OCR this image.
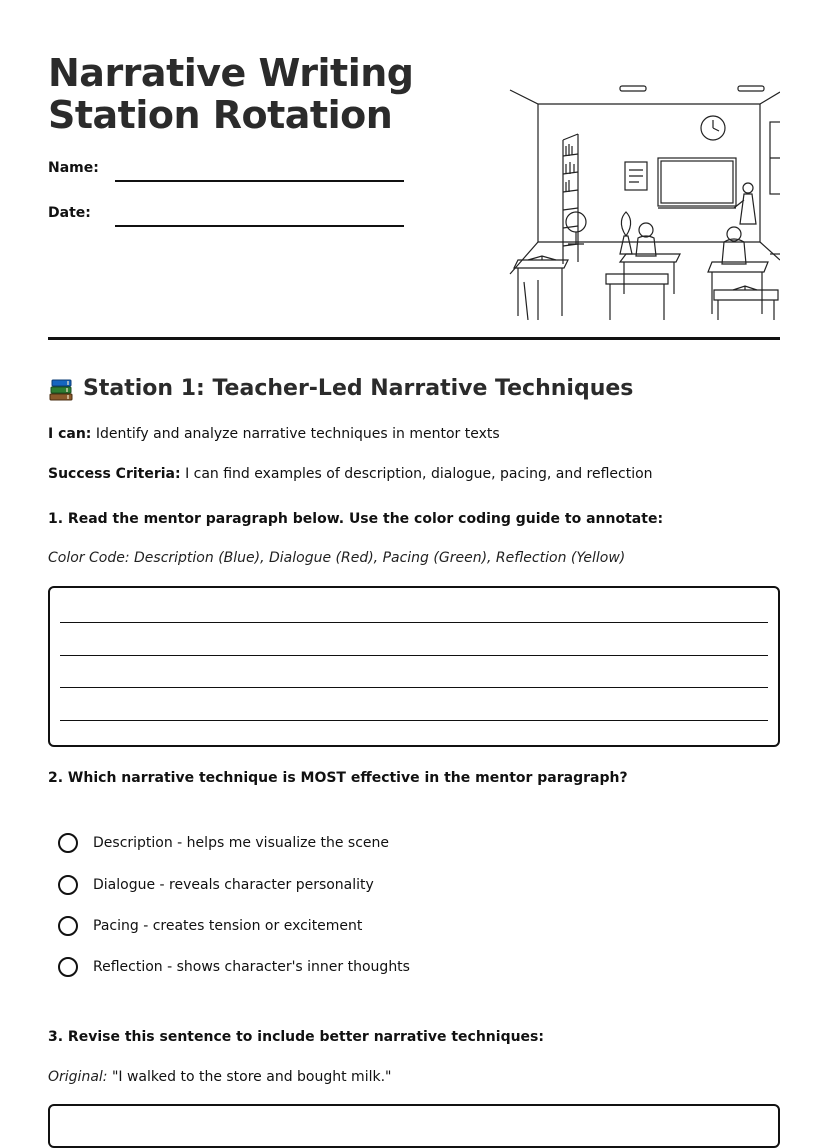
Narrative Writing
Station Rotation
Name:
Date:
Station 1: Teacher-Led Narrative Techniques
I can: Identify and analyze narrative techniques in mentor texts
Success Criteria: I can find examples of description, dialogue, pacing, and reflection
1. Read the mentor paragraph below. Use the color coding guide to annotate:
Color Code: Description (Blue), Dialogue (Red), Pacing (Green), Reflection (Yellow)
2. Which narrative technique is MOST effective in the mentor paragraph?
Description - helps me visualize the scene
Dialogue - reveals character personality
Pacing - creates tension or excitement
Reflection - shows character's inner thoughts
3. Revise this sentence to include better narrative techniques:
Original: "I walked to the store and bought milk."
